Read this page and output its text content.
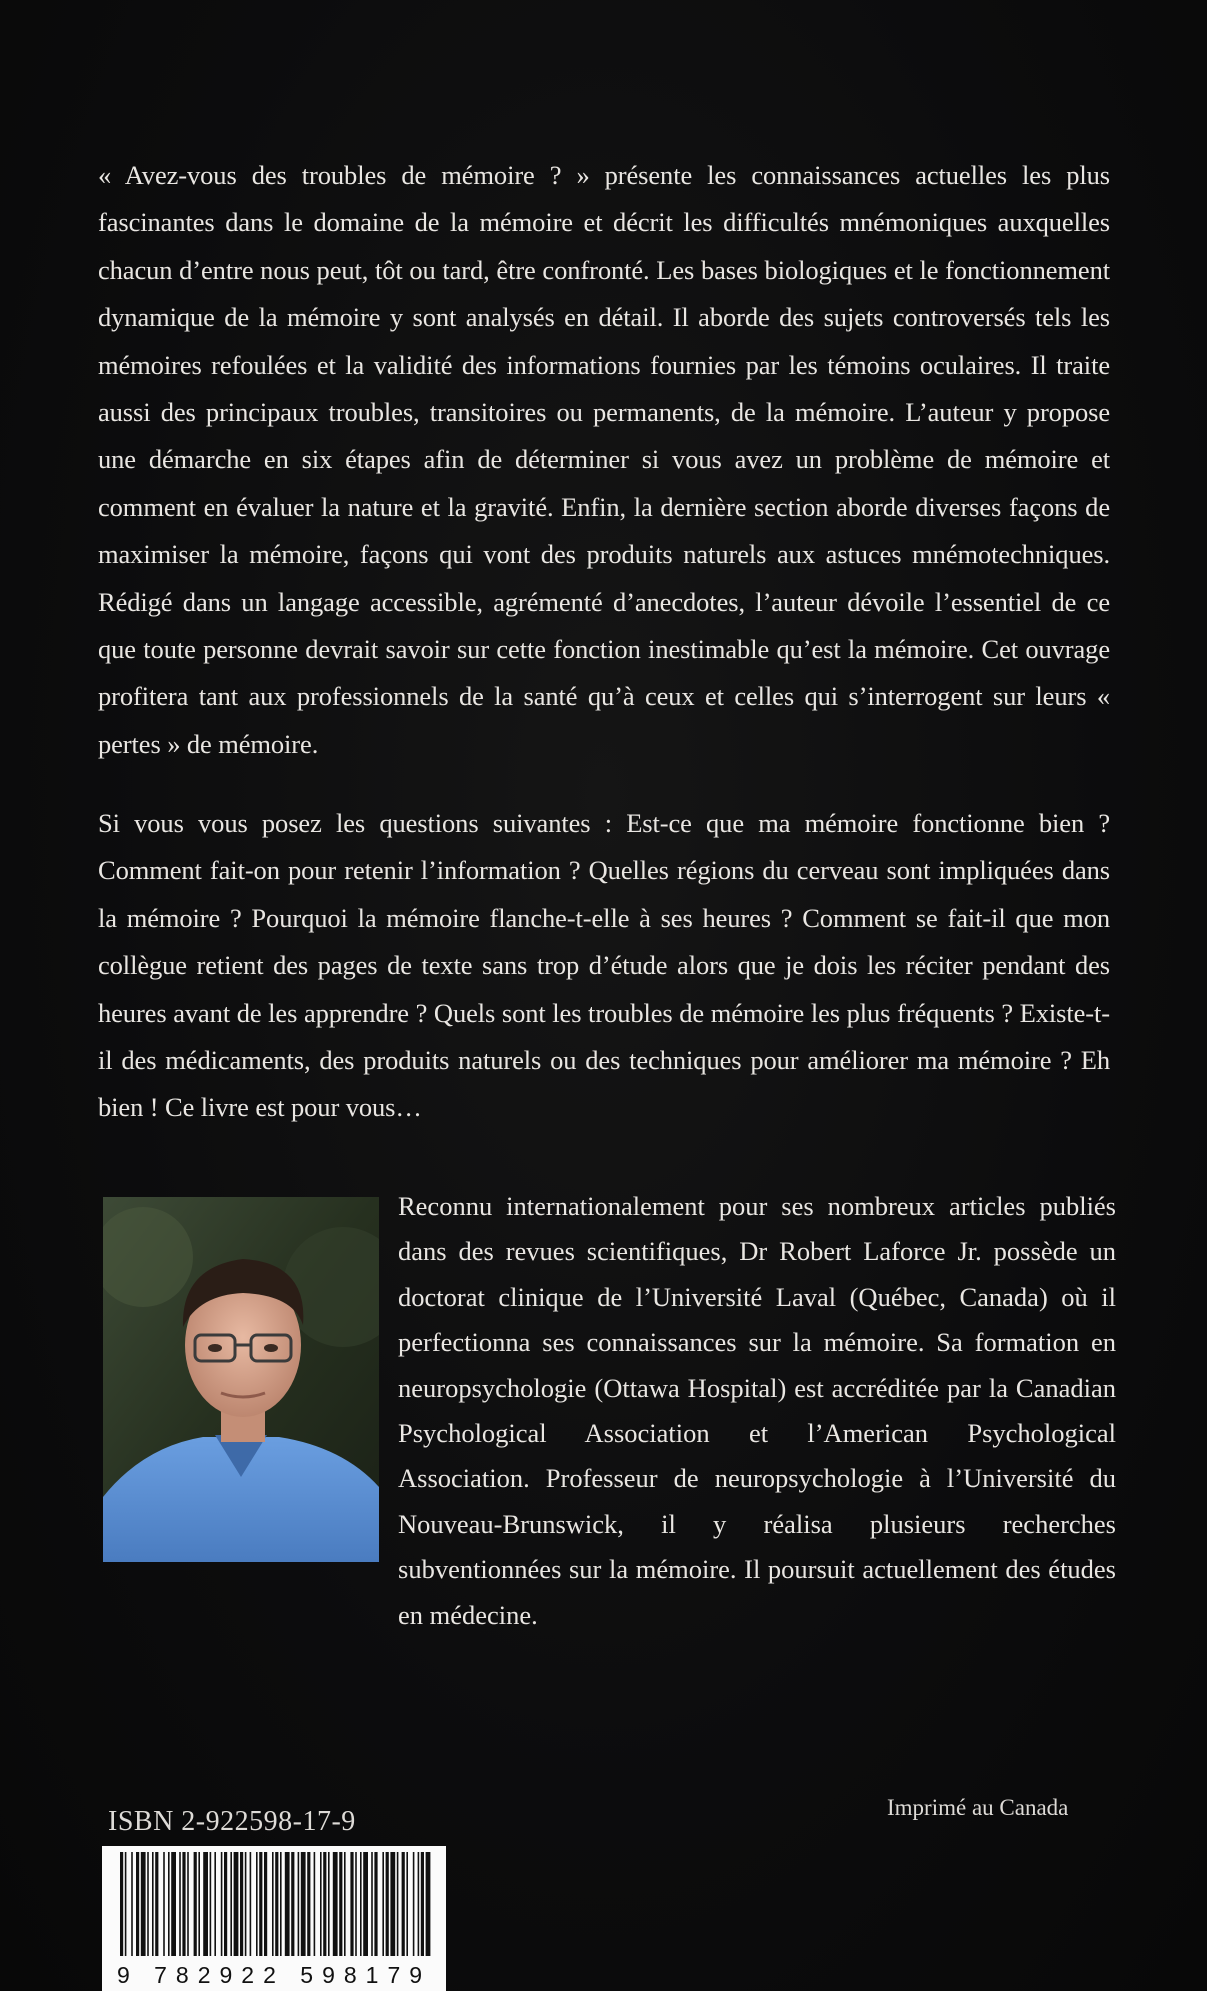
« Avez-vous des troubles de mémoire ? » présente les connaissances actuelles les plus fascinantes dans le domaine de la mémoire et décrit les difficultés mnémoniques auxquelles chacun d’entre nous peut, tôt ou tard, être confronté. Les bases biologiques et le fonctionnement dynamique de la mémoire y sont analysés en détail. Il aborde des sujets controversés tels les mémoires refoulées et la validité des informations fournies par les témoins oculaires. Il traite aussi des principaux troubles, transitoires ou permanents, de la mémoire. L’auteur y propose une démarche en six étapes afin de déterminer si vous avez un problème de mémoire et comment en évaluer la nature et la gravité. Enfin, la dernière section aborde diverses façons de maximiser la mémoire, façons qui vont des produits naturels aux astuces mnémotechniques. Rédigé dans un langage accessible, agrémenté d’anecdotes, l’auteur dévoile l’essentiel de ce que toute personne devrait savoir sur cette fonction inestimable qu’est la mémoire. Cet ouvrage profitera tant aux professionnels de la santé qu’à ceux et celles qui s’interrogent sur leurs « pertes » de mémoire.

Si vous vous posez les questions suivantes : Est-ce que ma mémoire fonctionne bien ? Comment fait-on pour retenir l’information ? Quelles régions du cerveau sont impliquées dans la mémoire ? Pourquoi la mémoire flanche-t-elle à ses heures ? Comment se fait-il que mon collègue retient des pages de texte sans trop d’étude alors que je dois les réciter pendant des heures avant de les apprendre ? Quels sont les troubles de mémoire les plus fréquents ? Existe-t-il des médicaments, des produits naturels ou des techniques pour améliorer ma mémoire ? Eh bien ! Ce livre est pour vous…

Reconnu internationalement pour ses nombreux articles publiés dans des revues scientifiques, Dr Robert Laforce Jr. possède un doctorat clinique de l’Université Laval (Québec, Canada) où il perfectionna ses connaissances sur la mémoire. Sa formation en neuropsychologie (Ottawa Hospital) est accréditée par la Canadian Psychological Association et l’American Psychological Association. Professeur de neuropsychologie à l’Université du Nouveau-Brunswick, il y réalisa plusieurs recherches subventionnées sur la mémoire. Il poursuit actuellement des études en médecine.

ISBN 2-922598-17-9	Imprimé au Canada
9 782922 598179
